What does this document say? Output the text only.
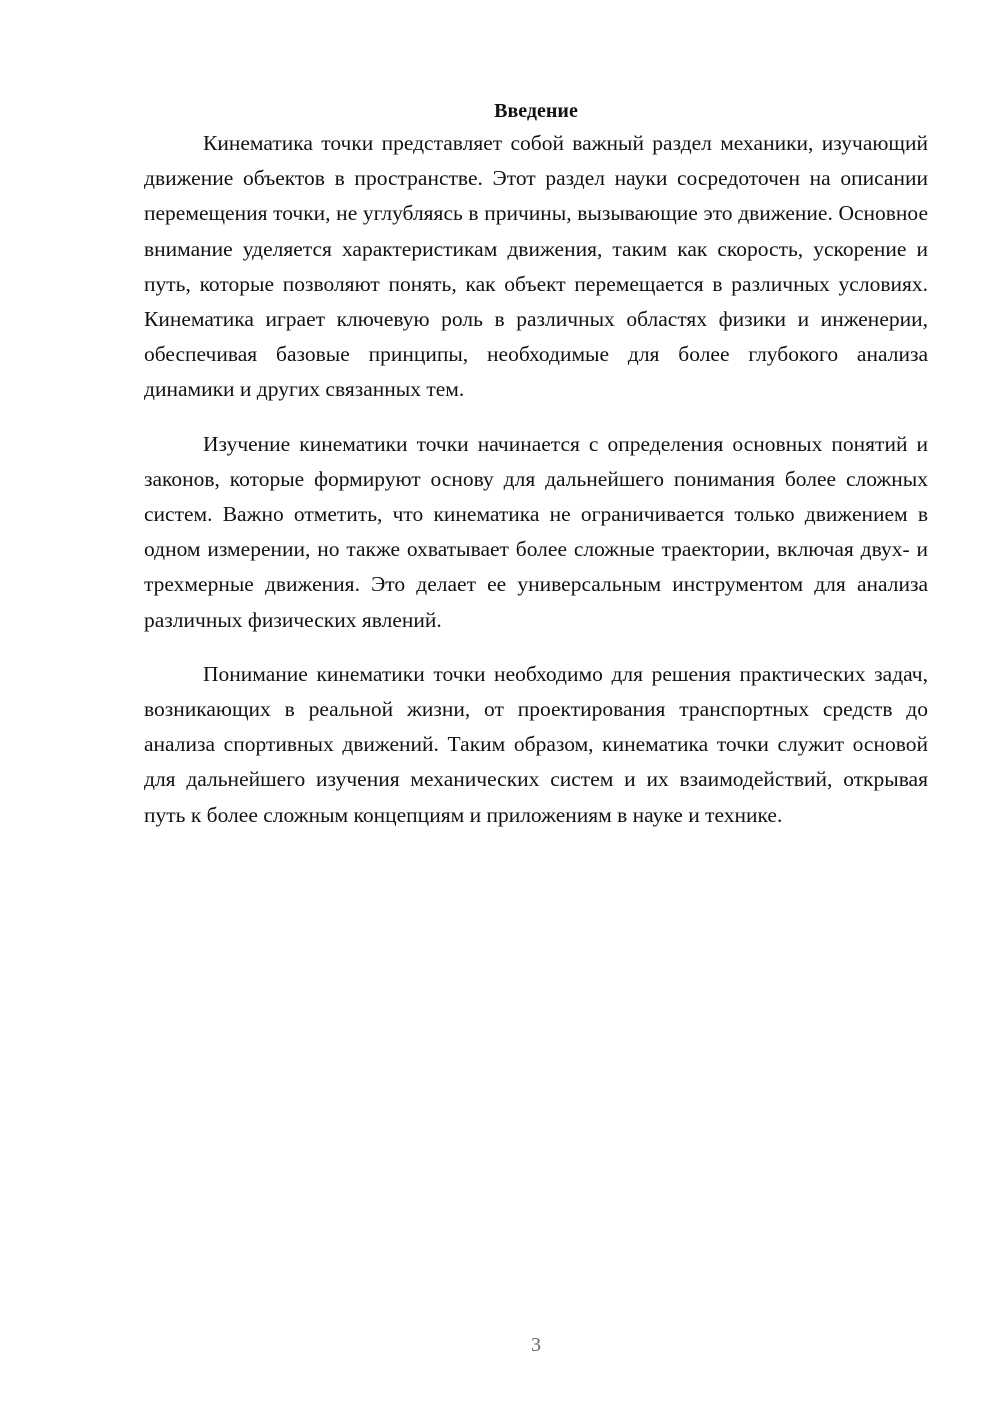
Введение

Кинематика точки представляет собой важный раздел механики, изучающий движение объектов в пространстве. Этот раздел науки сосредоточен на описании перемещения точки, не углубляясь в причины, вызывающие это движение. Основное внимание уделяется характеристикам движения, таким как скорость, ускорение и путь, которые позволяют понять, как объект перемещается в различных условиях. Кинематика играет ключевую роль в различных областях физики и инженерии, обеспечивая базовые принципы, необходимые для более глубокого анализа динамики и других связанных тем.

Изучение кинематики точки начинается с определения основных понятий и законов, которые формируют основу для дальнейшего понимания более сложных систем. Важно отметить, что кинематика не ограничивается только движением в одном измерении, но также охватывает более сложные траектории, включая двух- и трехмерные движения. Это делает ее универсальным инструментом для анализа различных физических явлений.

Понимание кинематики точки необходимо для решения практических задач, возникающих в реальной жизни, от проектирования транспортных средств до анализа спортивных движений. Таким образом, кинематика точки служит основой для дальнейшего изучения механических систем и их взаимодействий, открывая путь к более сложным концепциям и приложениям в науке и технике.

3
